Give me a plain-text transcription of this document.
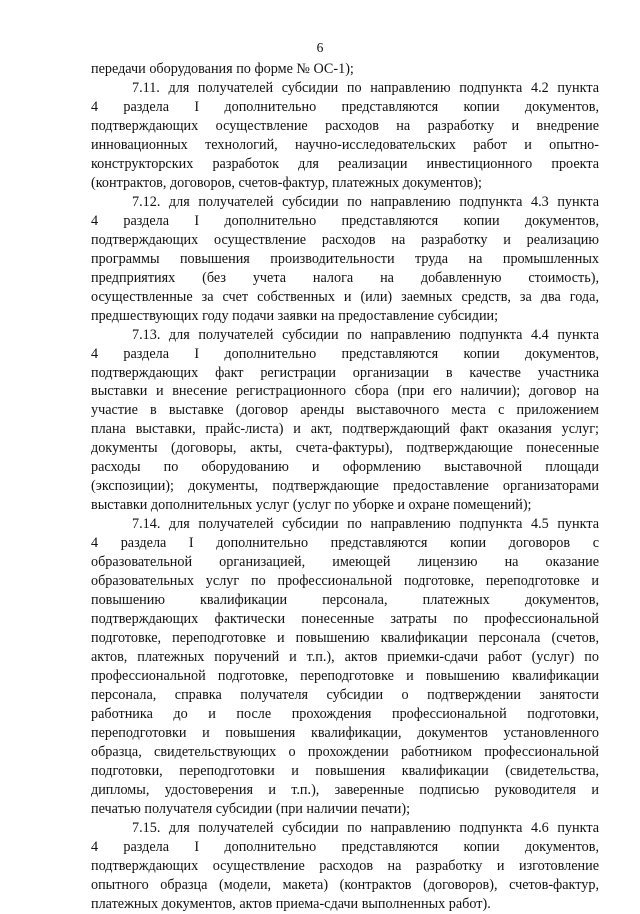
6
передачи оборудования по форме № ОС-1);
7.11. для получателей субсидии по направлению подпункта 4.2 пункта
4 раздела I дополнительно представляются копии документов,
подтверждающих осуществление расходов на разработку и внедрение
инновационных технологий, научно-исследовательских работ и опытно-
конструкторских разработок для реализации инвестиционного проекта
(контрактов, договоров, счетов-фактур, платежных документов);
7.12. для получателей субсидии по направлению подпункта 4.3 пункта
4 раздела I дополнительно представляются копии документов,
подтверждающих осуществление расходов на разработку и реализацию
программы повышения производительности труда на промышленных
предприятиях (без учета налога на добавленную стоимость),
осуществленные за счет собственных и (или) заемных средств, за два года,
предшествующих году подачи заявки на предоставление субсидии;
7.13. для получателей субсидии по направлению подпункта 4.4 пункта
4 раздела I дополнительно представляются копии документов,
подтверждающих факт регистрации организации в качестве участника
выставки и внесение регистрационного сбора (при его наличии); договор на
участие в выставке (договор аренды выставочного места с приложением
плана выставки, прайс-листа) и акт, подтверждающий факт оказания услуг;
документы (договоры, акты, счета-фактуры), подтверждающие понесенные
расходы по оборудованию и оформлению выставочной площади
(экспозиции); документы, подтверждающие предоставление организаторами
выставки дополнительных услуг (услуг по уборке и охране помещений);
7.14. для получателей субсидии по направлению подпункта 4.5 пункта
4 раздела I дополнительно представляются копии договоров с
образовательной организацией, имеющей лицензию на оказание
образовательных услуг по профессиональной подготовке, переподготовке и
повышению квалификации персонала, платежных документов,
подтверждающих фактически понесенные затраты по профессиональной
подготовке, переподготовке и повышению квалификации персонала (счетов,
актов, платежных поручений и т.п.), актов приемки-сдачи работ (услуг) по
профессиональной подготовке, переподготовке и повышению квалификации
персонала, справка получателя субсидии о подтверждении занятости
работника до и после прохождения профессиональной подготовки,
переподготовки и повышения квалификации, документов установленного
образца, свидетельствующих о прохождении работником профессиональной
подготовки, переподготовки и повышения квалификации (свидетельства,
дипломы, удостоверения и т.п.), заверенные подписью руководителя и
печатью получателя субсидии (при наличии печати);
7.15. для получателей субсидии по направлению подпункта 4.6 пункта
4 раздела I дополнительно представляются копии документов,
подтверждающих осуществление расходов на разработку и изготовление
опытного образца (модели, макета) (контрактов (договоров), счетов-фактур,
платежных документов, актов приема-сдачи выполненных работ).
